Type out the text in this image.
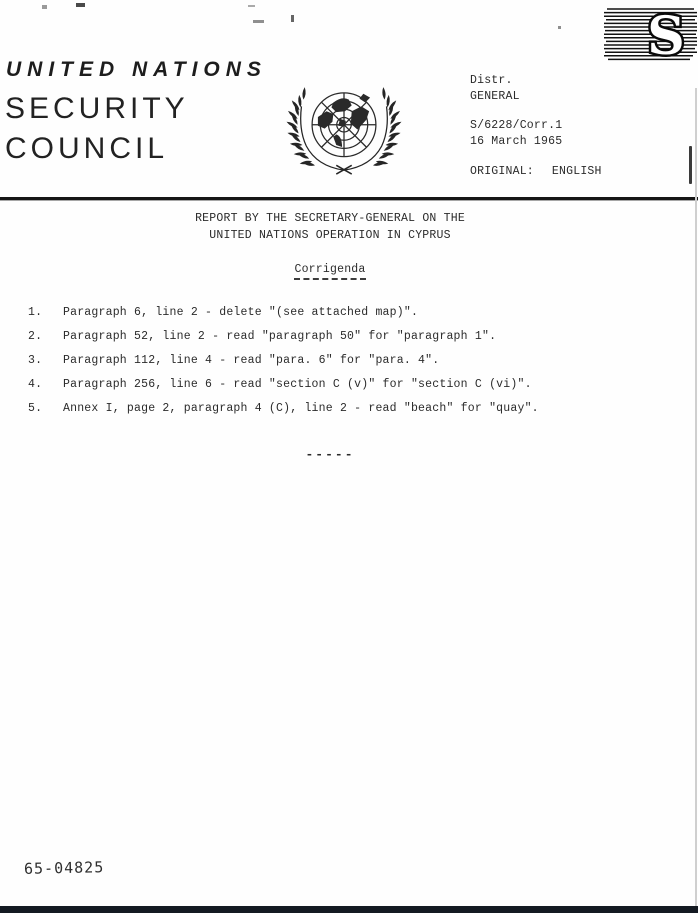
S
UNITED NATIONS
SECURITY
COUNCIL
Distr.
GENERAL
S/6228/Corr.1
16 March 1965
ORIGINAL: ENGLISH
REPORT BY THE SECRETARY-GENERAL ON THE
UNITED NATIONS OPERATION IN CYPRUS
Corrigenda
1.	Paragraph 6, line 2 - delete "(see attached map)".
2.	Paragraph 52, line 2 - read "paragraph 50" for "paragraph 1".
3.	Paragraph 112, line 4 - read "para. 6" for "para. 4".
4.	Paragraph 256, line 6 - read "section C (v)" for "section C (vi)".
5.	Annex I, page 2, paragraph 4 (C), line 2 - read "beach" for "quay".
-----
65-04825
